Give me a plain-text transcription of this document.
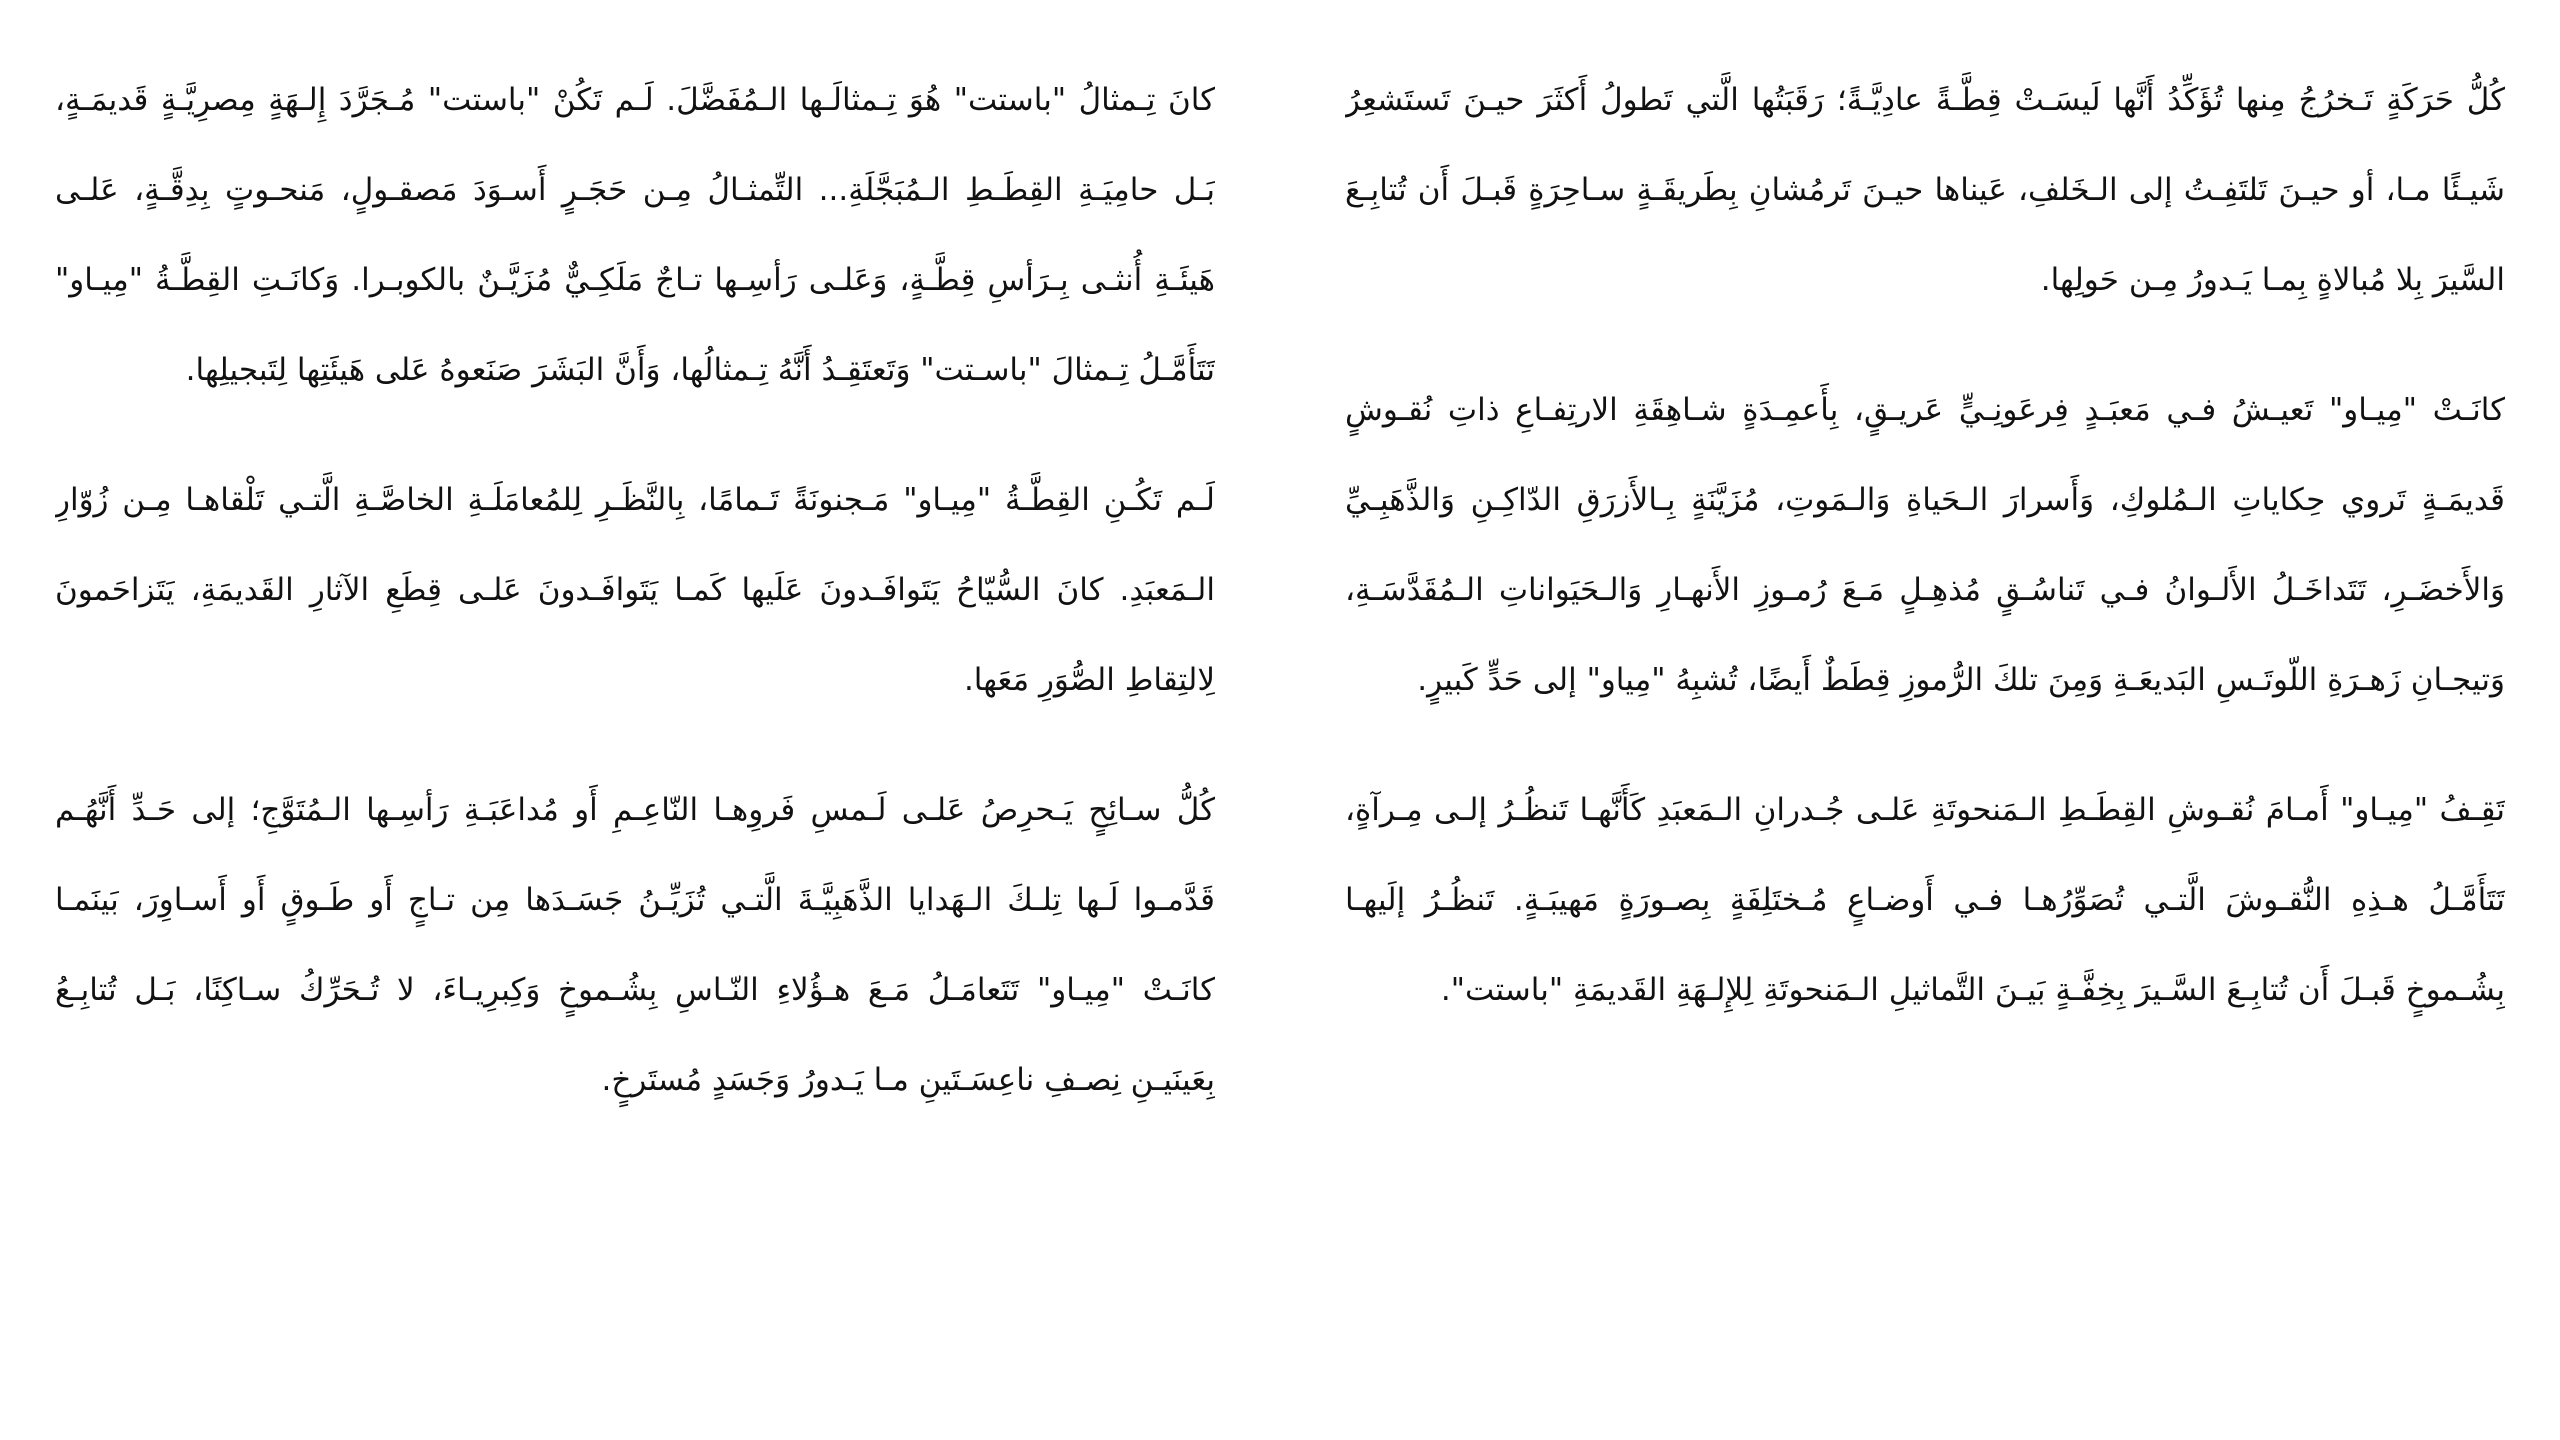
كُلُّ حَرَكَةٍ تَـخرُجُ مِنها تُؤَكِّدُ أَنَّها لَيسَـتْ قِطَّـةً عادِيَّـةً؛ رَقَبَتُها الَّتي تَطولُ أَكثَرَ حيـنَ تَستَشعِرُ شَيـئًا مـا، أو حيـنَ تَلتَفِـتُ إلى الـخَلفِ، عَيناها حيـنَ تَرمُشانِ بِطَريقَـةٍ سـاحِرَةٍ قَبـلَ أَن تُتابِـعَ السَّيرَ بِلا مُبالاةٍ بِمـا يَـدورُ مِـن حَولِها.

كانَـتْ "مِيـاو" تَعيـشُ فـي مَعبَـدٍ فِرعَونِـيٍّ عَريـقٍ، بِأَعمِـدَةٍ شـاهِقَةِ الارتِفـاعِ ذاتِ نُقـوشٍ قَديمَـةٍ تَروي حِكاياتِ الـمُلوكِ، وَأَسرارَ الـحَياةِ وَالـمَوتِ، مُزَيَّنَةٍ بِـالأَزرَقِ الدّاكِـنِ وَالذَّهَبِـيِّ وَالأَخضَـرِ، تَتَداخَـلُ الأَلـوانُ فـي تَناسُـقٍ مُذهِـلٍ مَـعَ رُمـوزِ الأَنهـارِ وَالـحَيَواناتِ الـمُقَدَّسَـةِ، وَتيجـانِ زَهـرَةِ اللّوتَـسِ البَديعَـةِ وَمِنَ تلكَ الرُّموزِ قِطَطٌ أَيضًا، تُشبِهُ "مِياو" إلى حَدٍّ كَبيرٍ.

تَقِـفُ "مِيـاو" أَمـامَ نُقـوشِ القِطَـطِ الـمَنحوتَةِ عَلـى جُـدرانِ الـمَعبَدِ كَأَنَّهـا تَنظُـرُ إلـى مِـرآةٍ، تَتَأَمَّـلُ هـذِهِ النُّقـوشَ الَّتـي تُصَوِّرُهـا فـي أَوضـاعٍ مُـختَلِفَةٍ بِصـورَةٍ مَهيبَـةٍ. تَنظُـرُ إلَيهـا بِشُـموخٍ قَبـلَ أَن تُتابِـعَ السَّـيرَ بِخِفَّـةٍ بَيـنَ التَّماثيلِ الـمَنحوتَةِ لِلإِلـهَةِ القَديمَةِ "باستت".

كانَ تِـمثالُ "باستت" هُوَ تِـمثالَـها الـمُفَضَّلَ. لَـم تَكُنْ "باستت" مُـجَرَّدَ إِلـهَةٍ مِصرِيَّـةٍ قَديمَـةٍ، بَـل حامِيَـةِ القِطَـطِ الـمُبَجَّلَةِ... التِّمثـالُ مِـن حَجَـرٍ أَسـوَدَ مَصقـولٍ، مَنحـوتٍ بِدِقَّـةٍ، عَلـى هَيئَـةِ أُنثـى بِـرَأسِ قِطَّـةٍ، وَعَلـى رَأسِـها تـاجٌ مَلَكِـيٌّ مُزَيَّـنٌ بالكوبـرا. وَكانَـتِ القِطَّـةُ "مِيـاو" تَتَأَمَّـلُ تِـمثالَ "باسـتت" وَتَعتَقِـدُ أَنَّهُ تِـمثالُها، وَأَنَّ البَشَرَ صَنَعوهُ عَلى هَيئَتِها لِتَبجيلِها.

لَـم تَكُـنِ القِطَّـةُ "مِيـاو" مَـجنونَةً تَـمامًا، بِالنَّظَـرِ لِلمُعامَلَـةِ الخاصَّـةِ الَّتـي تَلْقاهـا مِـن زُوّارِ الـمَعبَدِ. كانَ السُّيّاحُ يَتَوافَـدونَ عَلَيها كَمـا يَتَوافَـدونَ عَلـى قِطَعِ الآثارِ القَديمَةِ، يَتَزاحَمونَ لِالتِقاطِ الصُّوَرِ مَعَها.

كُلُّ سـائِحٍ يَـحرِصُ عَلـى لَـمسِ فَروِهـا النّاعِـمِ أَو مُداعَبَـةِ رَأسِـها الـمُتَوَّجِ؛ إلى حَـدِّ أَنَّهُـم قَدَّمـوا لَـها تِلـكَ الـهَدايا الذَّهَبِيَّـةَ الَّتـي تُزَيِّـنُ جَسَـدَها مِن تـاجٍ أَو طَـوقٍ أَو أَسـاوِرَ، بَينَمـا كانَـتْ "مِيـاو" تَتَعامَـلُ مَـعَ هـؤُلاءِ النّـاسِ بِشُـموخٍ وَكِبرِيـاءَ، لا تُـحَرِّكُ سـاكِنًا، بَـل تُتابِـعُ بِعَينَيـنِ نِصـفِ ناعِسَـتَينِ مـا يَـدورُ وَجَسَدٍ مُستَرخٍ.
